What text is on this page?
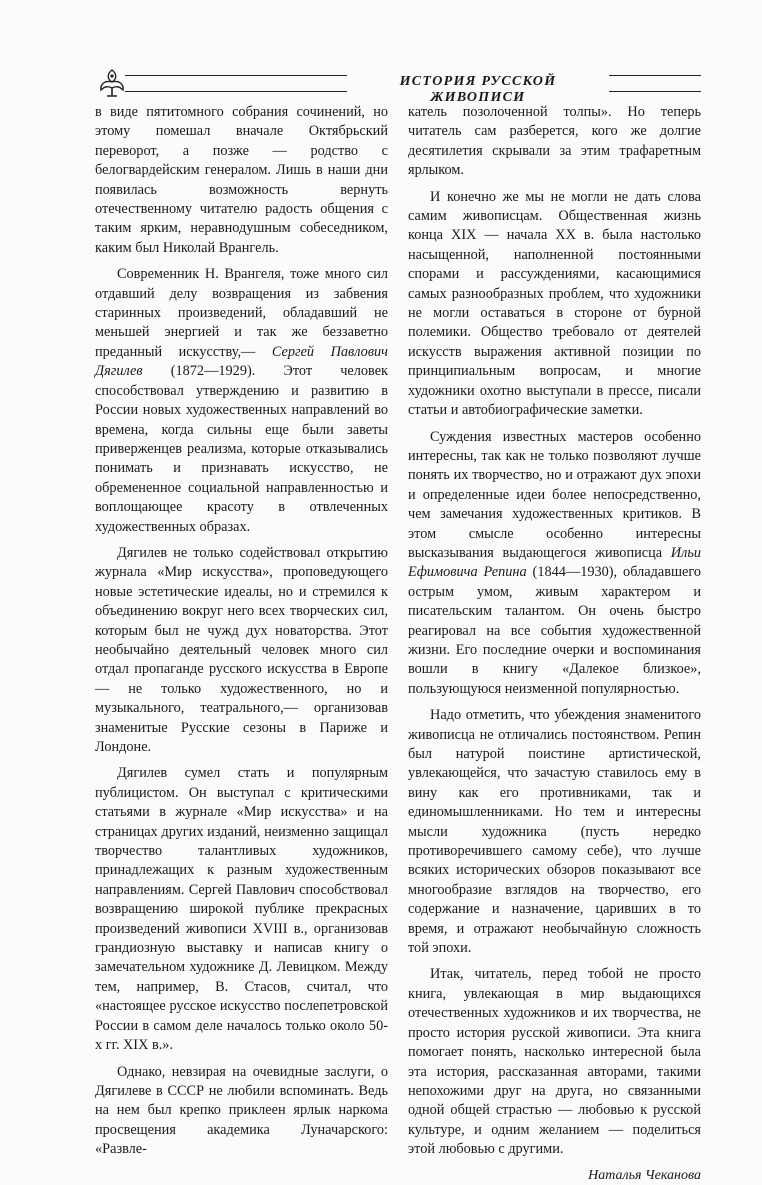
ИСТОРИЯ РУССКОЙ ЖИВОПИСИ

в виде пятитомного собрания сочинений, но этому помешал вначале Октябрьский переворот, а позже — родство с белогвардейским генералом. Лишь в наши дни появилась возможность вернуть отечественному читателю радость общения с таким ярким, неравнодушным собеседником, каким был Николай Врангель.

Современник Н. Врангеля, тоже много сил отдавший делу возвращения из забвения старинных произведений, обладавший не меньшей энергией и так же беззаветно преданный искусству,— Сергей Павлович Дягилев (1872—1929). Этот человек способствовал утверждению и развитию в России новых художественных направлений во времена, когда сильны еще были заветы приверженцев реализма, которые отказывались понимать и признавать искусство, не обремененное социальной направленностью и воплощающее красоту в отвлеченных художественных образах.

Дягилев не только содействовал открытию журнала «Мир искусства», проповедующего новые эстетические идеалы, но и стремился к объединению вокруг него всех творческих сил, которым был не чужд дух новаторства. Этот необычайно деятельный человек много сил отдал пропаганде русского искусства в Европе — не только художественного, но и музыкального, театрального,— организовав знаменитые Русские сезоны в Париже и Лондоне.

Дягилев сумел стать и популярным публицистом. Он выступал с критическими статьями в журнале «Мир искусства» и на страницах других изданий, неизменно защищал творчество талантливых художников, принадлежащих к разным художественным направлениям. Сергей Павлович способствовал возвращению широкой публике прекрасных произведений живописи XVIII в., организовав грандиозную выставку и написав книгу о замечательном художнике Д. Левицком. Между тем, например, В. Стасов, считал, что «настоящее русское искусство послепетровской России в самом деле началось только около 50-х гг. XIX в.».

Однако, невзирая на очевидные заслуги, о Дягилеве в СССР не любили вспоминать. Ведь на нем был крепко приклеен ярлык наркома просвещения академика Луначарского: «Развле-

катель позолоченной толпы». Но теперь читатель сам разберется, кого же долгие десятилетия скрывали за этим трафаретным ярлыком.

И конечно же мы не могли не дать слова самим живописцам. Общественная жизнь конца XIX — начала XX в. была настолько насыщенной, наполненной постоянными спорами и рассуждениями, касающимися самых разнообразных проблем, что художники не могли оставаться в стороне от бурной полемики. Общество требовало от деятелей искусств выражения активной позиции по принципиальным вопросам, и многие художники охотно выступали в прессе, писали статьи и автобиографические заметки.

Суждения известных мастеров особенно интересны, так как не только позволяют лучше понять их творчество, но и отражают дух эпохи и определенные идеи более непосредственно, чем замечания художественных критиков. В этом смысле особенно интересны высказывания выдающегося живописца Ильи Ефимовича Репина (1844—1930), обладавшего острым умом, живым характером и писательским талантом. Он очень быстро реагировал на все события художественной жизни. Его последние очерки и воспоминания вошли в книгу «Далекое близкое», пользующуюся неизменной популярностью.

Надо отметить, что убеждения знаменитого живописца не отличались постоянством. Репин был натурой поистине артистической, увлекающейся, что зачастую ставилось ему в вину как его противниками, так и единомышленниками. Но тем и интересны мысли художника (пусть нередко противоречившего самому себе), что лучше всяких исторических обзоров показывают все многообразие взглядов на творчество, его содержание и назначение, царивших в то время, и отражают необычайную сложность той эпохи.

Итак, читатель, перед тобой не просто книга, увлекающая в мир выдающихся отечественных художников и их творчества, не просто история русской живописи. Эта книга помогает понять, насколько интересной была эта история, рассказанная авторами, такими непохожими друг на друга, но связанными одной общей страстью — любовью к русской культуре, и одним желанием — поделиться этой любовью с другими.

Наталья Чеканова
